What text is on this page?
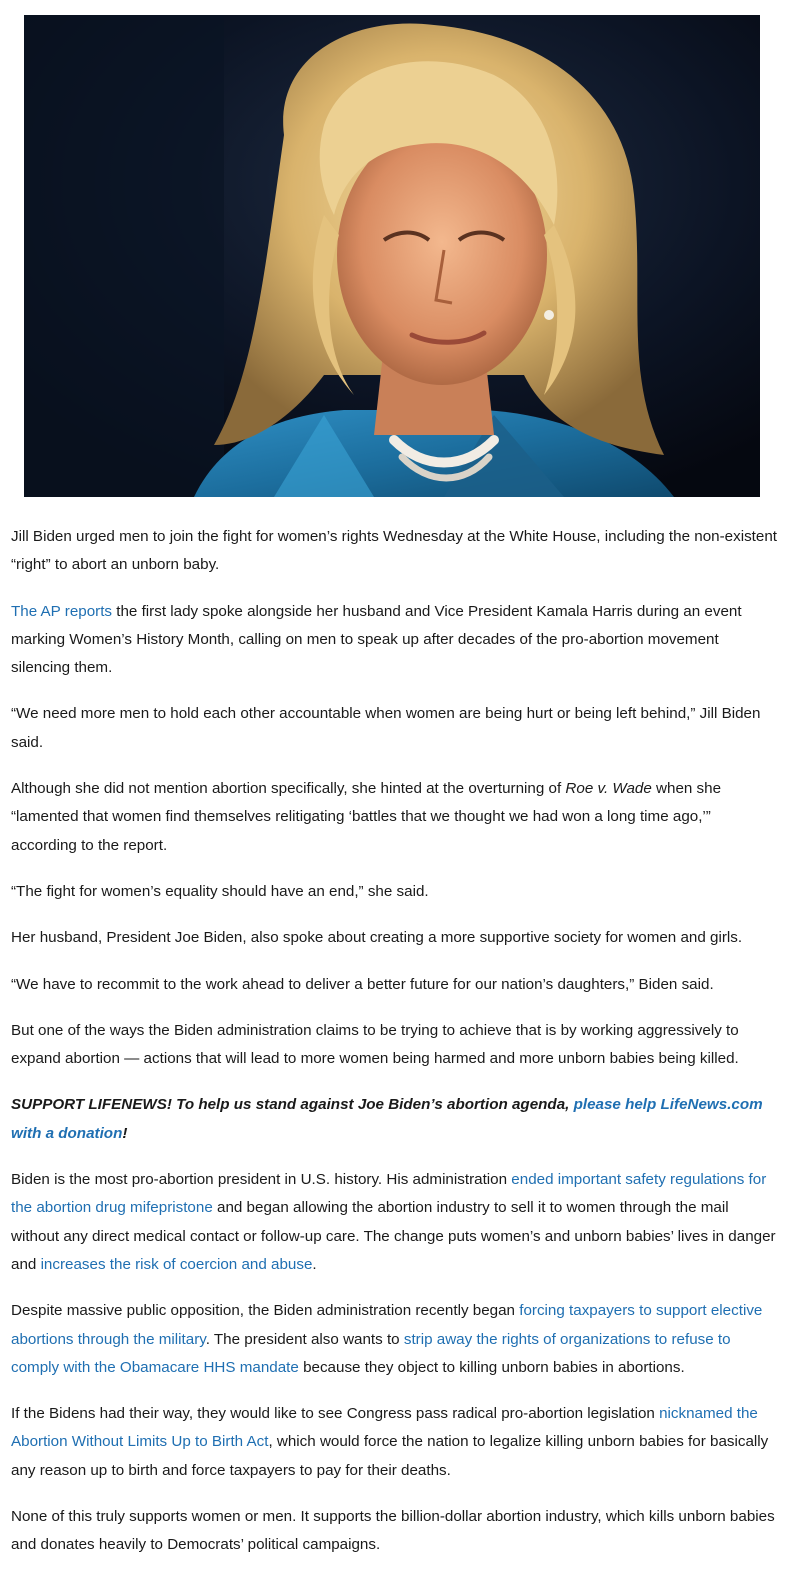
Jill Biden urged men to join the fight for women’s rights Wednesday at the White House, including the non-existent “right” to abort an unborn baby.

The AP reports the first lady spoke alongside her husband and Vice President Kamala Harris during an event marking Women’s History Month, calling on men to speak up after decades of the pro-abortion movement silencing them.

“We need more men to hold each other accountable when women are being hurt or being left behind,” Jill Biden said.

Although she did not mention abortion specifically, she hinted at the overturning of Roe v. Wade when she “lamented that women find themselves relitigating ‘battles that we thought we had won a long time ago,’” according to the report.

“The fight for women’s equality should have an end,” she said.

Her husband, President Joe Biden, also spoke about creating a more supportive society for women and girls.

“We have to recommit to the work ahead to deliver a better future for our nation’s daughters,” Biden said.

But one of the ways the Biden administration claims to be trying to achieve that is by working aggressively to expand abortion — actions that will lead to more women being harmed and more unborn babies being killed.

SUPPORT LIFENEWS! To help us stand against Joe Biden’s abortion agenda, please help LifeNews.com with a donation!

Biden is the most pro-abortion president in U.S. history. His administration ended important safety regulations for the abortion drug mifepristone and began allowing the abortion industry to sell it to women through the mail without any direct medical contact or follow-up care. The change puts women’s and unborn babies’ lives in danger and increases the risk of coercion and abuse.

Despite massive public opposition, the Biden administration recently began forcing taxpayers to support elective abortions through the military. The president also wants to strip away the rights of organizations to refuse to comply with the Obamacare HHS mandate because they object to killing unborn babies in abortions.

If the Bidens had their way, they would like to see Congress pass radical pro-abortion legislation nicknamed the Abortion Without Limits Up to Birth Act, which would force the nation to legalize killing unborn babies for basically any reason up to birth and force taxpayers to pay for their deaths.

None of this truly supports women or men. It supports the billion-dollar abortion industry, which kills unborn babies and donates heavily to Democrats’ political campaigns.
